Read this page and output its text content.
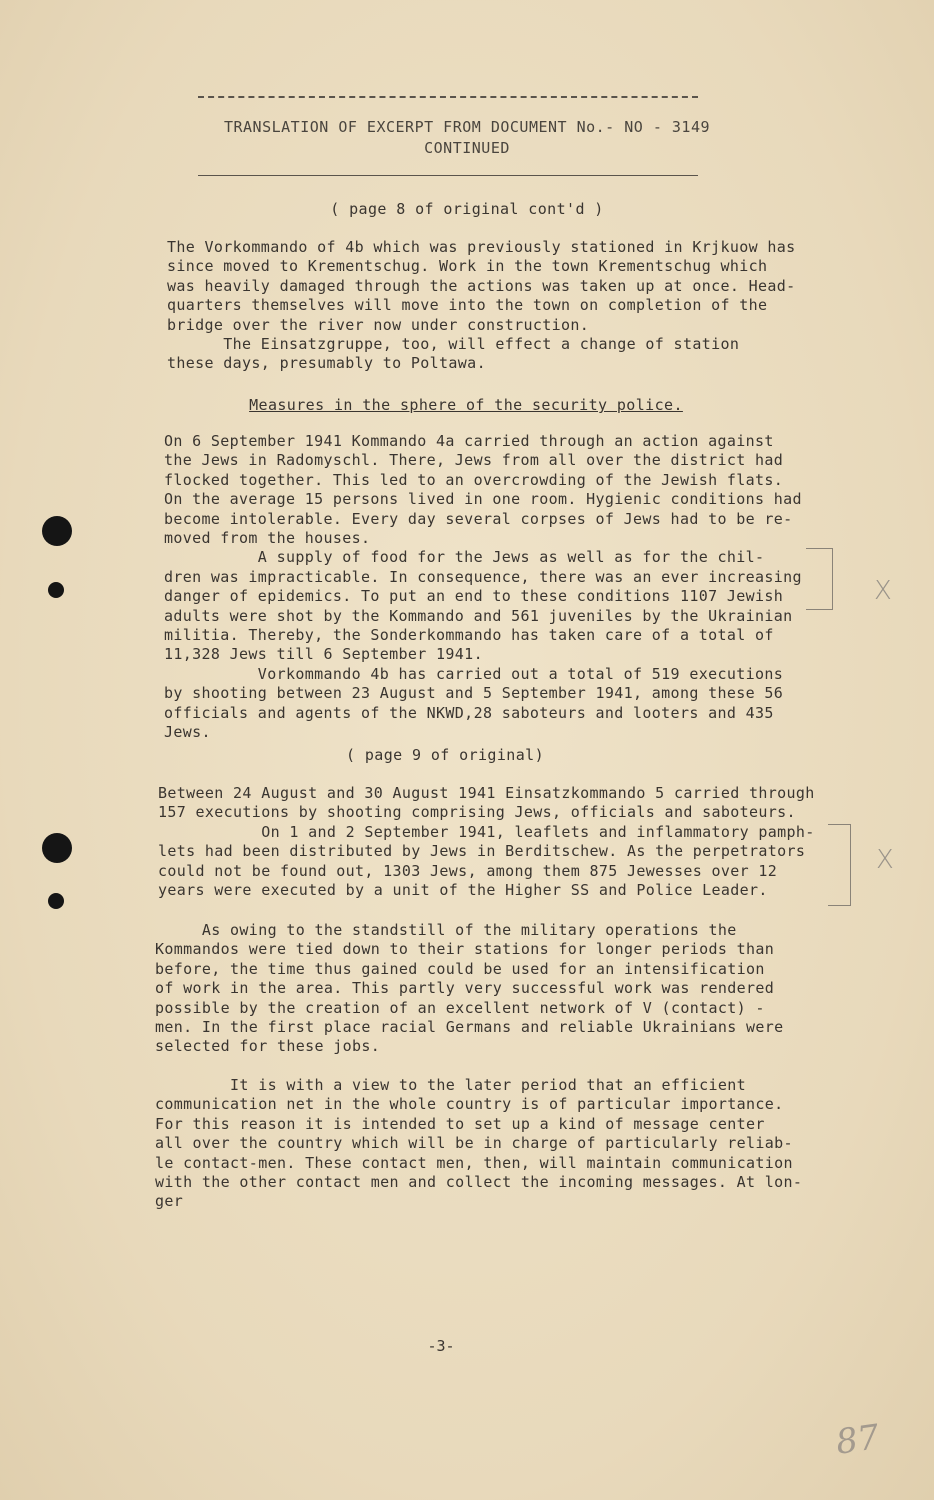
TRANSLATION OF EXCERPT FROM DOCUMENT No.- NO - 3149
CONTINUED
( page 8 of original cont'd )
The Vorkommando of 4b which was previously stationed in Krjkuow has
since moved to Krementschug. Work in the town Krementschug which
was heavily damaged through the actions was taken up at once. Head-
quarters themselves will move into the town on completion of the
bridge over the river now under construction.
The Einsatzgruppe, too, will effect a change of station
these days, presumably to Poltawa.
Measures in the sphere of the security police.
On 6 September 1941 Kommando 4a carried through an action against
the Jews in Radomyschl. There, Jews from all over the district had
flocked together. This led to an overcrowding of the Jewish flats.
On the average 15 persons lived in one room. Hygienic conditions had
become intolerable. Every day several corpses of Jews had to be re-
moved from the houses.
A supply of food for the Jews as well as for the chil-
dren was impracticable. In consequence, there was an ever increasing
danger of epidemics. To put an end to these conditions 1107 Jewish
adults were shot by the Kommando and 561 juveniles by the Ukrainian
militia. Thereby, the Sonderkommando has taken care of a total of
11,328 Jews till 6 September 1941.
Vorkommando 4b has carried out a total of 519 executions
by shooting between 23 August and 5 September 1941, among these 56
officials and agents of the NKWD,28 saboteurs and looters and 435
Jews.
( page 9 of original)
Between 24 August and 30 August 1941 Einsatzkommando 5 carried through
157 executions by shooting comprising Jews, officials and saboteurs.
On 1 and 2 September 1941, leaflets and inflammatory pamph-
lets had been distributed by Jews in Berditschew. As the perpetrators
could not be found out, 1303 Jews, among them 875 Jewesses over 12
years were executed by a unit of the Higher SS and Police Leader.
As owing to the standstill of the military operations the
Kommandos were tied down to their stations for longer periods than
before, the time thus gained could be used for an intensification
of work in the area. This partly very successful work was rendered
possible by the creation of an excellent network of V (contact) -
men. In the first place racial Germans and reliable Ukrainians were
selected for these jobs.
It is with a view to the later period that an efficient
communication net in the whole country is of particular importance.
For this reason it is intended to set up a kind of message center
all over the country which will be in charge of particularly reliab-
le contact-men. These contact men, then, will maintain communication
with the other contact men and collect the incoming messages. At lon-
ger
-3-
87
X
X
